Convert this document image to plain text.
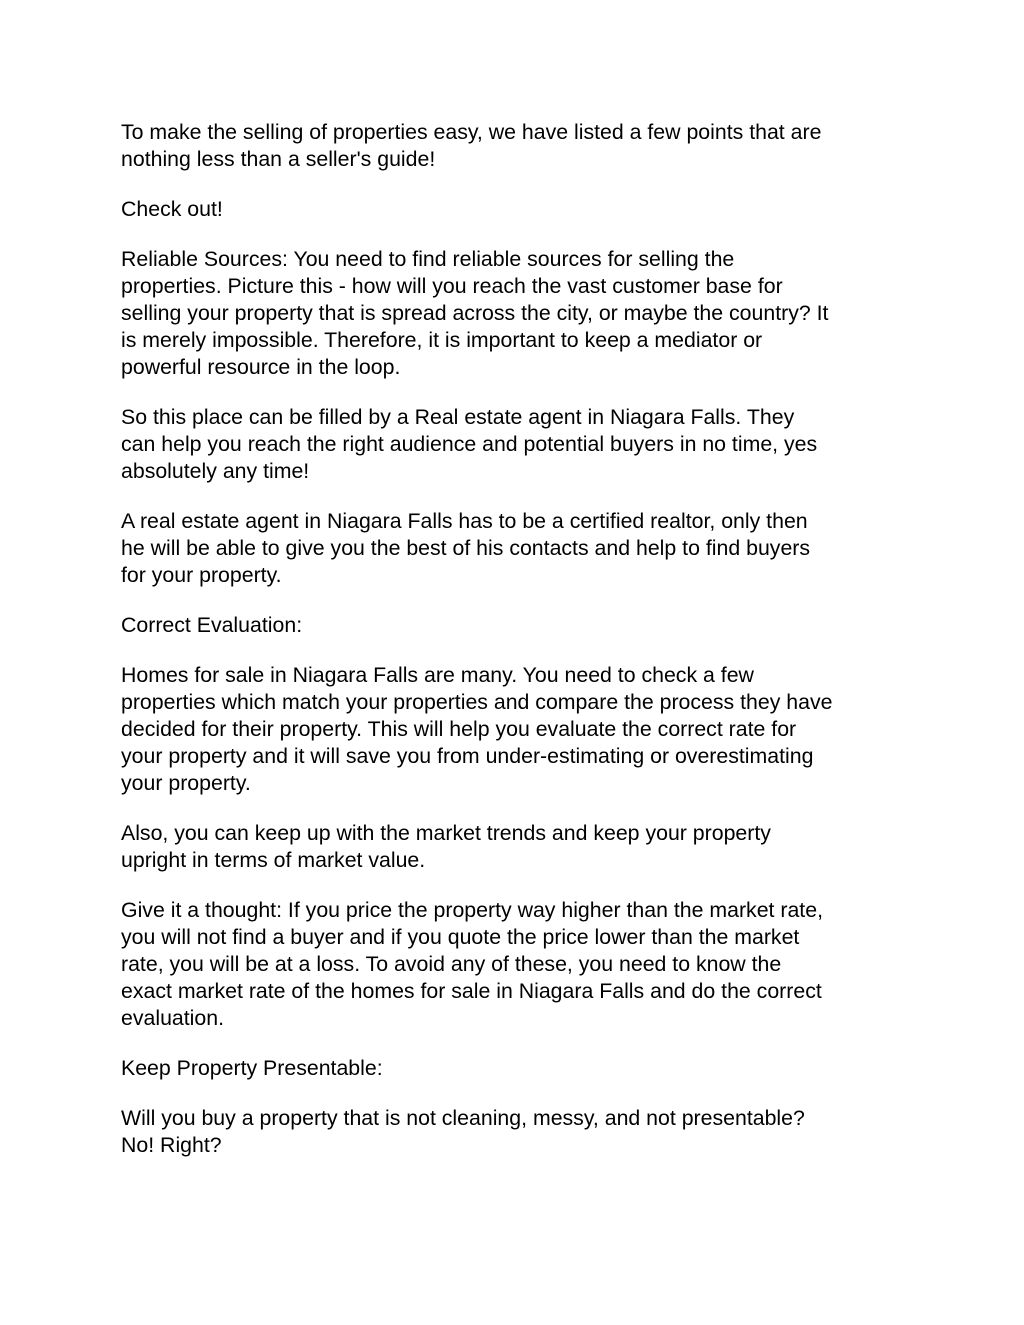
To make the selling of properties easy, we have listed a few points that are
nothing less than a seller's guide!

Check out!

Reliable Sources: You need to find reliable sources for selling the
properties. Picture this - how will you reach the vast customer base for
selling your property that is spread across the city, or maybe the country? It
is merely impossible. Therefore, it is important to keep a mediator or
powerful resource in the loop.

So this place can be filled by a Real estate agent in Niagara Falls. They
can help you reach the right audience and potential buyers in no time, yes
absolutely any time!

A real estate agent in Niagara Falls has to be a certified realtor, only then
he will be able to give you the best of his contacts and help to find buyers
for your property.

Correct Evaluation:

Homes for sale in Niagara Falls are many. You need to check a few
properties which match your properties and compare the process they have
decided for their property. This will help you evaluate the correct rate for
your property and it will save you from under-estimating or overestimating
your property.

Also, you can keep up with the market trends and keep your property
upright in terms of market value.

Give it a thought: If you price the property way higher than the market rate,
you will not find a buyer and if you quote the price lower than the market
rate, you will be at a loss. To avoid any of these, you need to know the
exact market rate of the homes for sale in Niagara Falls and do the correct
evaluation.

Keep Property Presentable:

Will you buy a property that is not cleaning, messy, and not presentable?
No! Right?
